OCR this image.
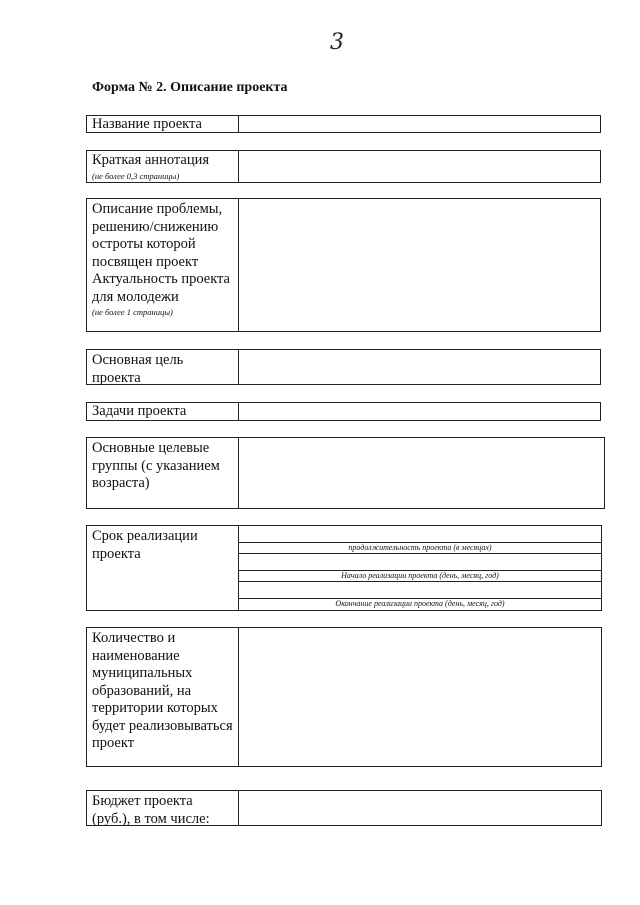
3
Форма № 2. Описание проекта
Название проекта
Краткая аннотация
(не более 0,3 страницы)
Описание проблемы, решению/снижению остроты которой посвящен проект Актуальность проекта для молодежи
(не более 1 страницы)
Основная цель проекта
Задачи проекта
Основные целевые группы (с указанием возраста)
Срок реализации проекта	продолжительность проекта (в месяцах)
Начало реализации проекта (день, месяц, год)
Окончание реализации проекта (день, месяц, год)
Количество и наименование муниципальных образований, на территории которых будет реализовываться проект
Бюджет проекта (руб.), в том числе:
